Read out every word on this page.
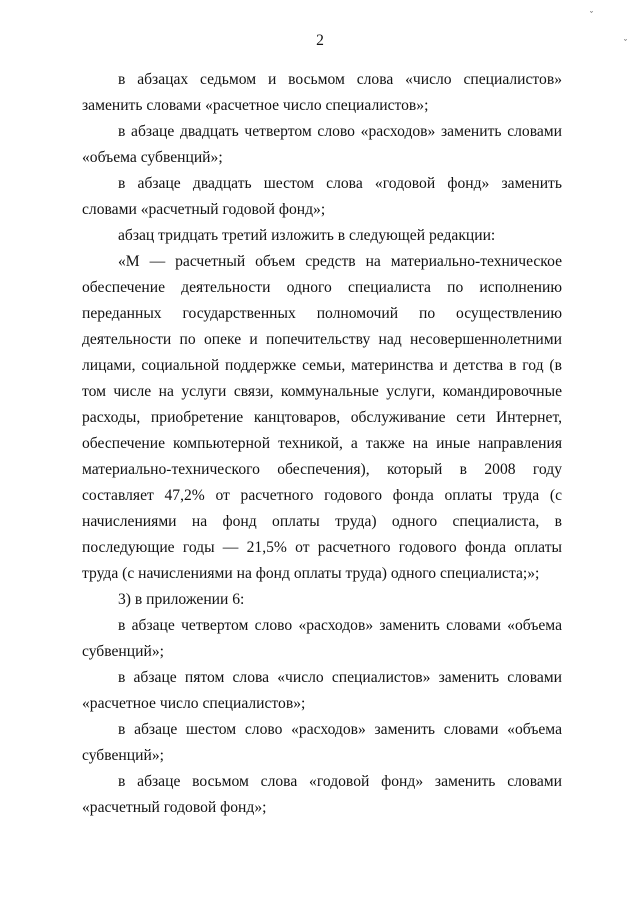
ˇ
ˇ
2

в абзацах седьмом и восьмом слова «число специалистов» заменить словами «расчетное число специалистов»;

в абзаце двадцать четвертом слово «расходов» заменить словами «объема субвенций»;

в абзаце двадцать шестом слова «годовой фонд» заменить словами «расчетный годовой фонд»;

абзац тридцать третий изложить в следующей редакции:

«М — расчетный объем средств на материально-техническое обеспечение деятельности одного специалиста по исполнению переданных государственных полномочий по осуществлению деятельности по опеке и попечительству над несовершеннолетними лицами, социальной поддержке семьи, материнства и детства в год (в том числе на услуги связи, коммунальные услуги, командировочные расходы, приобретение канцтоваров, обслуживание сети Интернет, обеспечение компьютерной техникой, а также на иные направления материально-технического обеспечения), который в 2008 году составляет 47,2% от расчетного годового фонда оплаты труда (с начислениями на фонд оплаты труда) одного специалиста, в последующие годы — 21,5% от расчетного годового фонда оплаты труда (с начислениями на фонд оплаты труда) одного специалиста;»;

3) в приложении 6:

в абзаце четвертом слово «расходов» заменить словами «объема субвенций»;

в абзаце пятом слова «число специалистов» заменить словами «расчетное число специалистов»;

в абзаце шестом слово «расходов» заменить словами «объема субвенций»;

в абзаце восьмом слова «годовой фонд» заменить словами «расчетный годовой фонд»;
